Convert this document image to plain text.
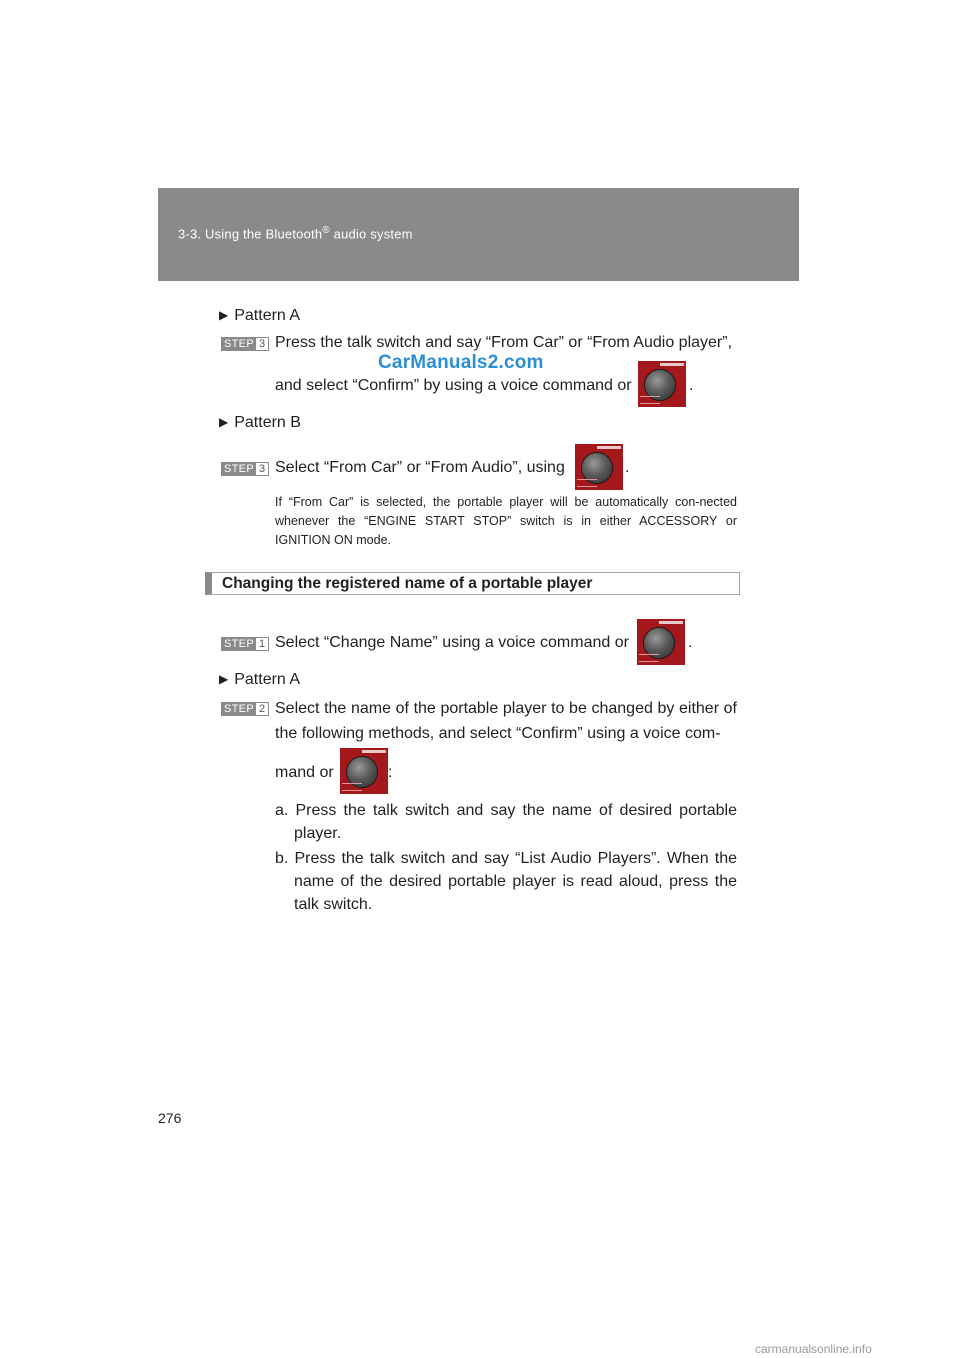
3-3. Using the Bluetooth® audio system
CarManuals2.com
▶ Pattern A
STEP 3 Press the talk switch and say “From Car” or “From Audio player”,
and select “Confirm” by using a voice command or	.
▶ Pattern B
STEP 3 Select “From Car” or “From Audio”, using	.
If “From Car” is selected, the portable player will be automatically con-nected whenever the “ENGINE START STOP” switch is in either ACCESSORY or IGNITION ON mode.
Changing the registered name of a portable player
STEP 1 Select “Change Name” using a voice command or	.
▶ Pattern A
STEP 2 Select the name of the portable player to be changed by either of the following methods, and select “Confirm” using a voice com-
mand or	:
a. Press the talk switch and say the name of desired portable player.
b. Press the talk switch and say “List Audio Players”. When the name of the desired portable player is read aloud, press the talk switch.
276
carmanualsonline.info
